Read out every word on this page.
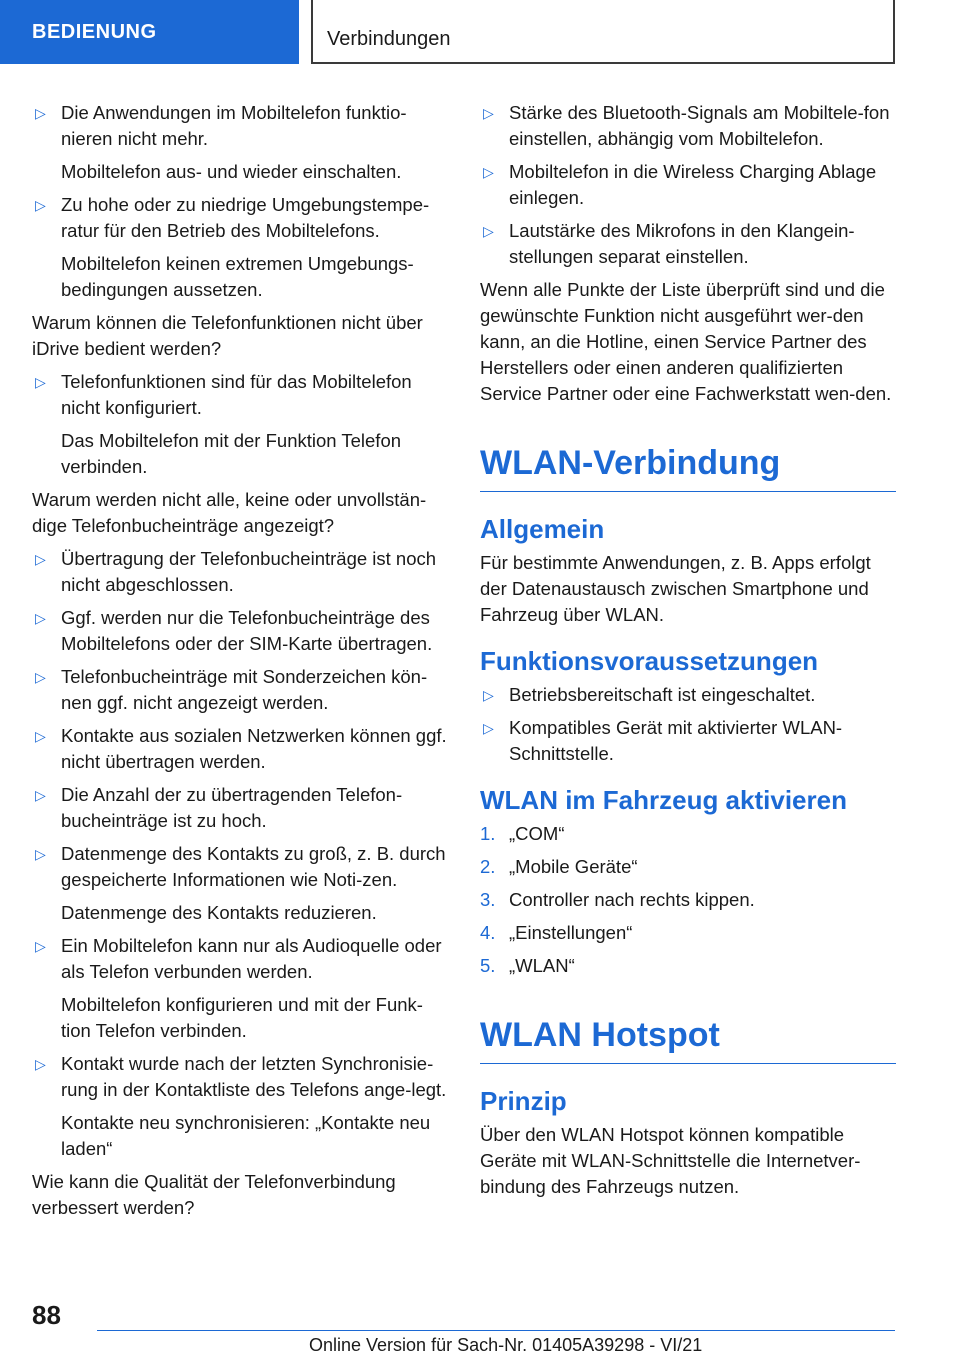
BEDIENUNG	Verbindungen
▷ Die Anwendungen im Mobiltelefon funktio-nieren nicht mehr.
Mobiltelefon aus- und wieder einschalten.
▷ Zu hohe oder zu niedrige Umgebungstempe-ratur für den Betrieb des Mobiltelefons.
Mobiltelefon keinen extremen Umgebungs-bedingungen aussetzen.
Warum können die Telefonfunktionen nicht über iDrive bedient werden?
▷ Telefonfunktionen sind für das Mobiltelefon nicht konfiguriert.
Das Mobiltelefon mit der Funktion Telefon verbinden.
Warum werden nicht alle, keine oder unvollstän-dige Telefonbucheinträge angezeigt?
▷ Übertragung der Telefonbucheinträge ist noch nicht abgeschlossen.
▷ Ggf. werden nur die Telefonbucheinträge des Mobiltelefons oder der SIM-Karte übertragen.
▷ Telefonbucheinträge mit Sonderzeichen kön-nen ggf. nicht angezeigt werden.
▷ Kontakte aus sozialen Netzwerken können ggf. nicht übertragen werden.
▷ Die Anzahl der zu übertragenden Telefon-bucheinträge ist zu hoch.
▷ Datenmenge des Kontakts zu groß, z. B. durch gespeicherte Informationen wie Noti-zen.
Datenmenge des Kontakts reduzieren.
▷ Ein Mobiltelefon kann nur als Audioquelle oder als Telefon verbunden werden.
Mobiltelefon konfigurieren und mit der Funk-tion Telefon verbinden.
▷ Kontakt wurde nach der letzten Synchronisie-rung in der Kontaktliste des Telefons ange-legt.
Kontakte neu synchronisieren: „Kontakte neu laden“
Wie kann die Qualität der Telefonverbindung verbessert werden?
▷ Stärke des Bluetooth-Signals am Mobiltele-fon einstellen, abhängig vom Mobiltelefon.
▷ Mobiltelefon in die Wireless Charging Ablage einlegen.
▷ Lautstärke des Mikrofons in den Klangein-stellungen separat einstellen.
Wenn alle Punkte der Liste überprüft sind und die gewünschte Funktion nicht ausgeführt wer-den kann, an die Hotline, einen Service Partner des Herstellers oder einen anderen qualifizierten Service Partner oder eine Fachwerkstatt wen-den.
WLAN-Verbindung
Allgemein
Für bestimmte Anwendungen, z. B. Apps erfolgt der Datenaustausch zwischen Smartphone und Fahrzeug über WLAN.
Funktionsvoraussetzungen
▷ Betriebsbereitschaft ist eingeschaltet.
▷ Kompatibles Gerät mit aktivierter WLAN-Schnittstelle.
WLAN im Fahrzeug aktivieren
1. „COM“
2. „Mobile Geräte“
3. Controller nach rechts kippen.
4. „Einstellungen“
5. „WLAN“
WLAN Hotspot
Prinzip
Über den WLAN Hotspot können kompatible Geräte mit WLAN-Schnittstelle die Internetver-bindung des Fahrzeugs nutzen.
88
Online Version für Sach-Nr. 01405A39298 - VI/21
